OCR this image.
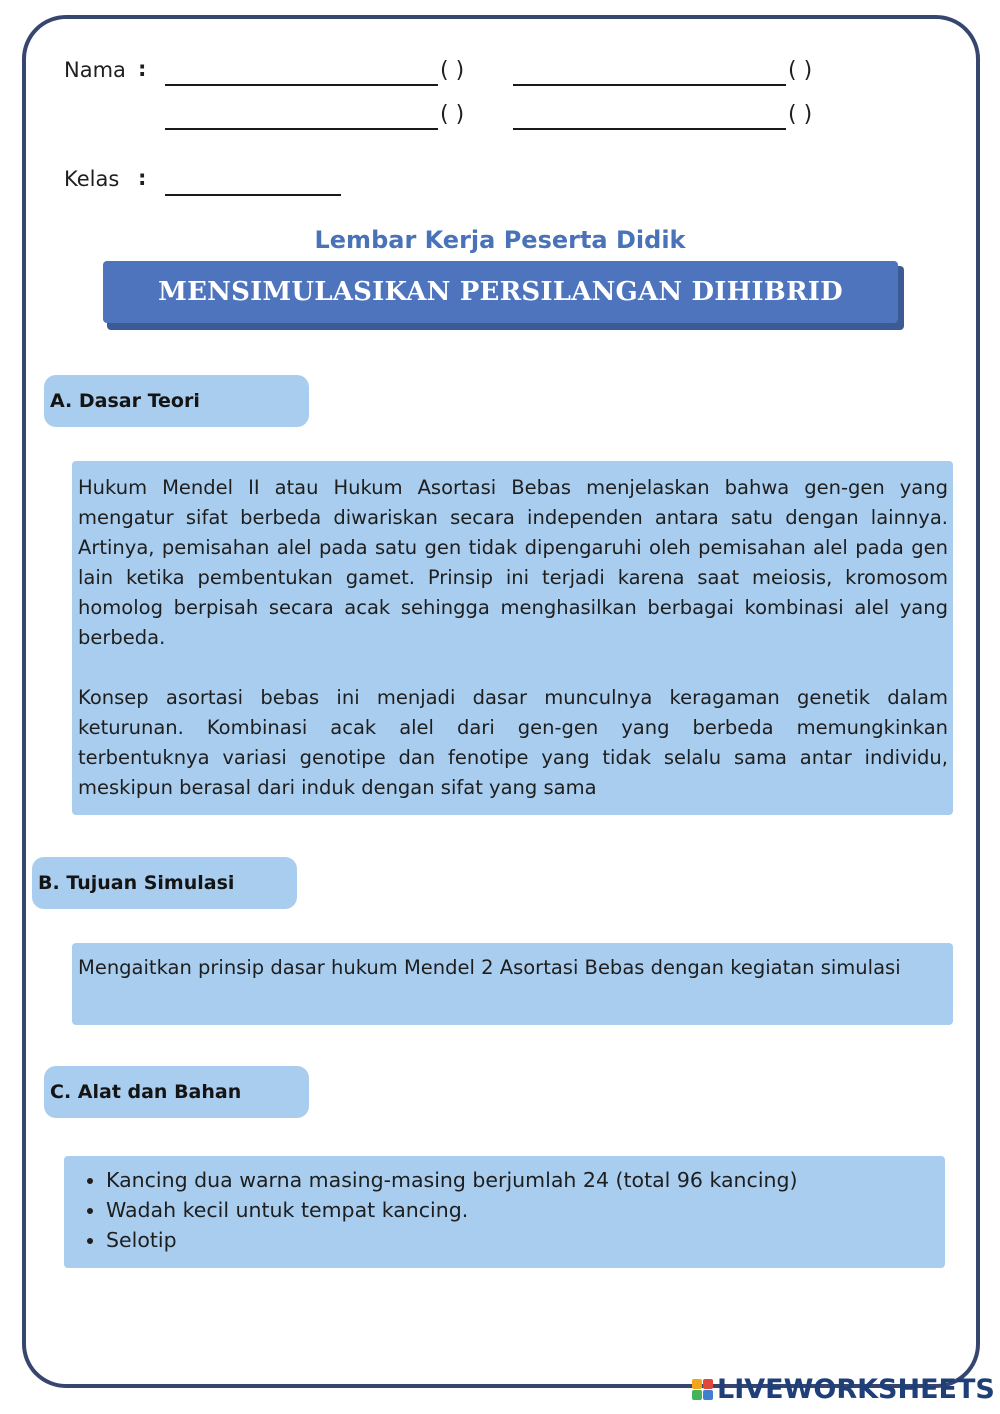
Nama :	( )	( )
( )	( )
Kelas :
Lembar Kerja Peserta Didik
MENSIMULASIKAN PERSILANGAN DIHIBRID
A. Dasar Teori

Hukum Mendel II atau Hukum Asortasi Bebas menjelaskan bahwa gen-gen yang mengatur sifat berbeda diwariskan secara independen antara satu dengan lainnya. Artinya, pemisahan alel pada satu gen tidak dipengaruhi oleh pemisahan alel pada gen lain ketika pembentukan gamet. Prinsip ini terjadi karena saat meiosis, kromosom homolog berpisah secara acak sehingga menghasilkan berbagai kombinasi alel yang berbeda.

Konsep asortasi bebas ini menjadi dasar munculnya keragaman genetik dalam keturunan. Kombinasi acak alel dari gen-gen yang berbeda memungkinkan terbentuknya variasi genotipe dan fenotipe yang tidak selalu sama antar individu, meskipun berasal dari induk dengan sifat yang sama

B. Tujuan Simulasi

Mengaitkan prinsip dasar hukum Mendel 2 Asortasi Bebas dengan kegiatan simulasi

C. Alat dan Bahan
• Kancing dua warna masing-masing berjumlah 24 (total 96 kancing)
• Wadah kecil untuk tempat kancing.
• Selotip
LIVEWORKSHEETS
